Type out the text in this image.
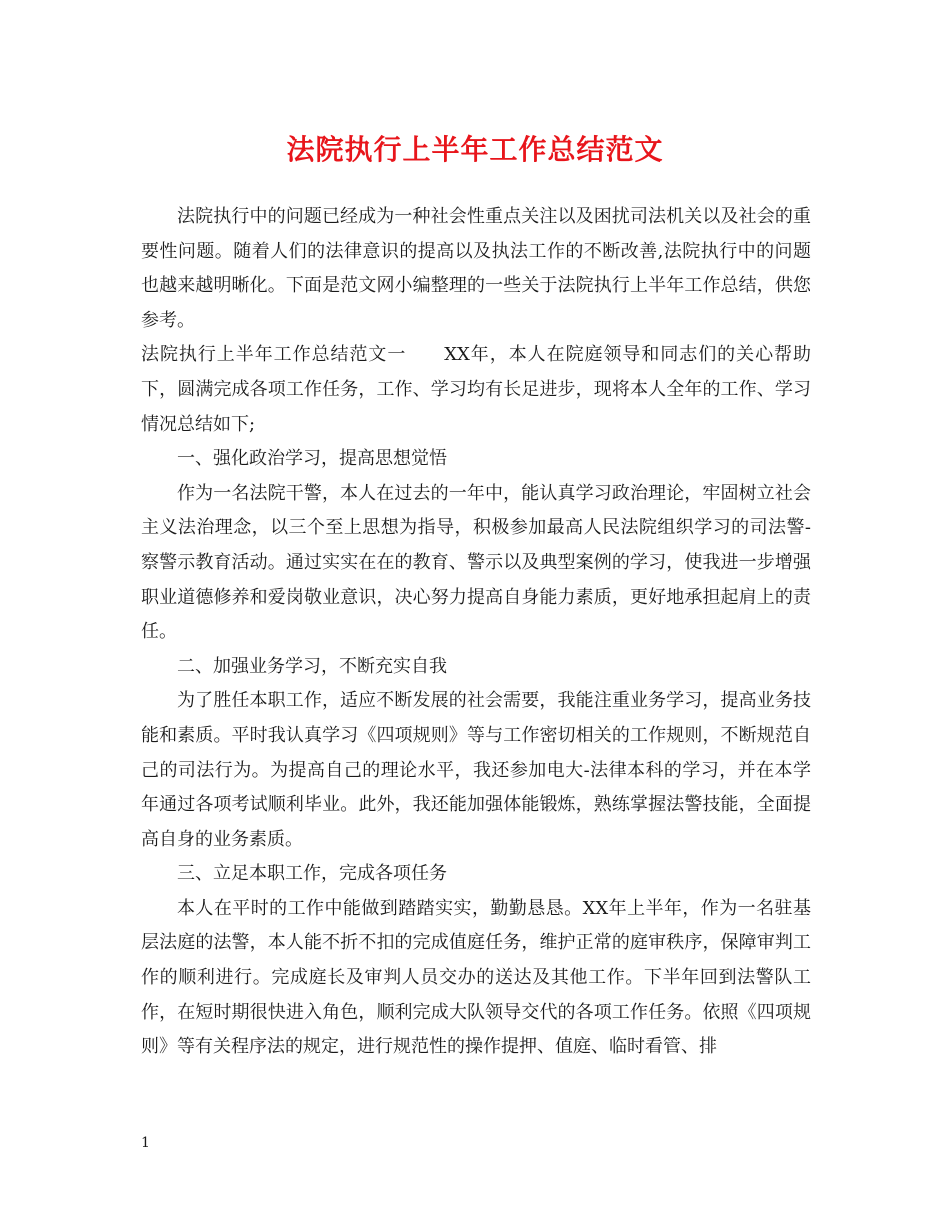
法院执行上半年工作总结范文

法院执行中的问题已经成为一种社会性重点关注以及困扰司法机关以及社会的重要性问题。随着人们的法律意识的提高以及执法工作的不断改善,法院执行中的问题也越来越明晰化。下面是范文网小编整理的一些关于法院执行上半年工作总结，供您参考。

法院执行上半年工作总结范文一　　XX年，本人在院庭领导和同志们的关心帮助下，圆满完成各项工作任务，工作、学习均有长足进步，现将本人全年的工作、学习情况总结如下;

一、强化政治学习，提高思想觉悟

作为一名法院干警，本人在过去的一年中，能认真学习政治理论，牢固树立社会主义法治理念，以三个至上思想为指导，积极参加最高人民法院组织学习的司法警-察警示教育活动。通过实实在在的教育、警示以及典型案例的学习，使我进一步增强职业道德修养和爱岗敬业意识，决心努力提高自身能力素质，更好地承担起肩上的责任。

二、加强业务学习，不断充实自我

为了胜任本职工作，适应不断发展的社会需要，我能注重业务学习，提高业务技能和素质。平时我认真学习《四项规则》等与工作密切相关的工作规则，不断规范自己的司法行为。为提高自己的理论水平，我还参加电大-法律本科的学习，并在本学年通过各项考试顺利毕业。此外，我还能加强体能锻炼，熟练掌握法警技能，全面提高自身的业务素质。

三、立足本职工作，完成各项任务

本人在平时的工作中能做到踏踏实实，勤勤恳恳。XX年上半年，作为一名驻基层法庭的法警，本人能不折不扣的完成值庭任务，维护正常的庭审秩序，保障审判工作的顺利进行。完成庭长及审判人员交办的送达及其他工作。下半年回到法警队工作，在短时期很快进入角色，顺利完成大队领导交代的各项工作任务。依照《四项规则》等有关程序法的规定，进行规范性的操作提押、值庭、临时看管、排

1
